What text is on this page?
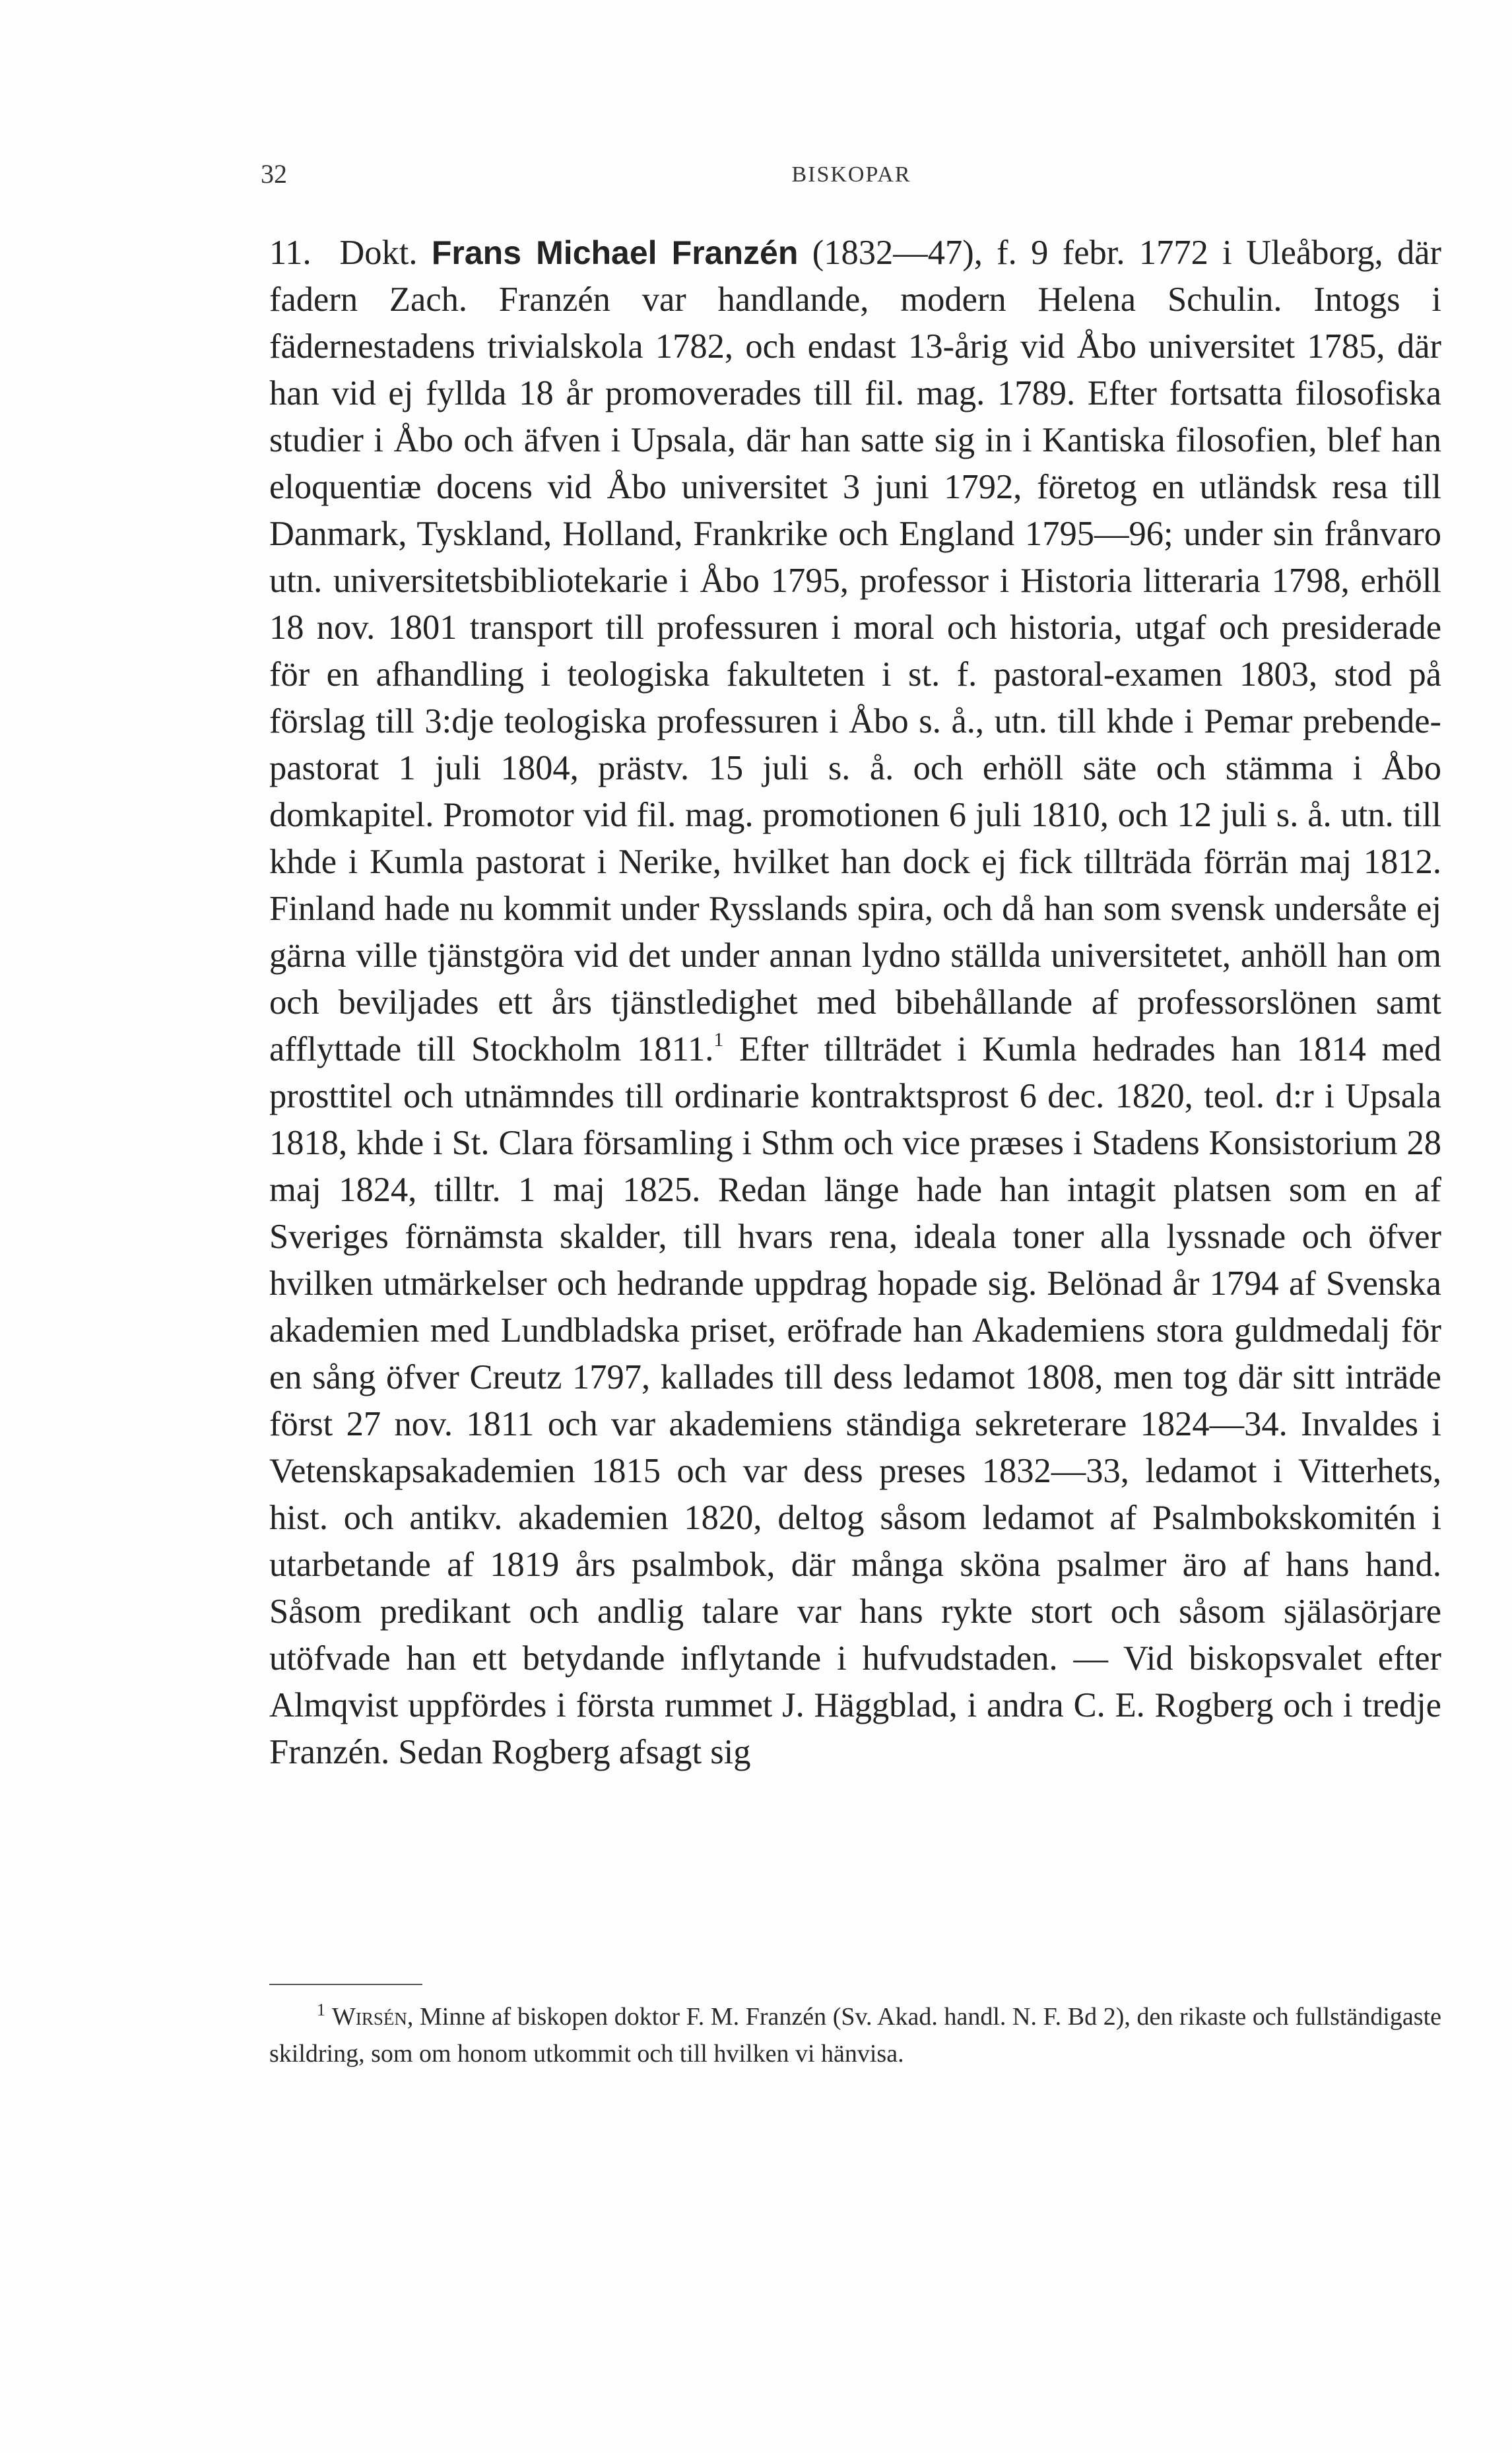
32	BISKOPAR

11. Dokt. Frans Michael Franzén (1832—47), f. 9 febr. 1772 i Uleåborg, där fadern Zach. Franzén var handlande, modern Helena Schulin. Intogs i fädernestadens trivialskola 1782, och endast 13-årig vid Åbo universitet 1785, där han vid ej fyllda 18 år promoverades till fil. mag. 1789. Efter fortsatta filosofiska studier i Åbo och äfven i Upsala, där han satte sig in i Kantiska filosofien, blef han eloquentiæ docens vid Åbo universitet 3 juni 1792, företog en utländsk resa till Danmark, Tyskland, Holland, Frankrike och England 1795—96; under sin frånvaro utn. universitetsbibliotekarie i Åbo 1795, professor i Historia litteraria 1798, erhöll 18 nov. 1801 transport till professuren i moral och historia, utgaf och presiderade för en afhandling i teologiska fakulteten i st. f. pastoral-examen 1803, stod på förslag till 3:dje teologiska professuren i Åbo s. å., utn. till khde i Pemar prebende-pastorat 1 juli 1804, prästv. 15 juli s. å. och erhöll säte och stämma i Åbo domkapitel. Promotor vid fil. mag. promotionen 6 juli 1810, och 12 juli s. å. utn. till khde i Kumla pastorat i Nerike, hvilket han dock ej fick tillträda förrän maj 1812. Finland hade nu kommit under Rysslands spira, och då han som svensk undersåte ej gärna ville tjänstgöra vid det under annan lydno ställda universitetet, anhöll han om och beviljades ett års tjänstledighet med bibehållande af professorslönen samt afflyttade till Stockholm 1811.$^1$ Efter tillträdet i Kumla hedrades han 1814 med prosttitel och utnämndes till ordinarie kontraktsprost 6 dec. 1820, teol. d:r i Upsala 1818, khde i St. Clara församling i Sthm och vice præses i Stadens Konsistorium 28 maj 1824, tilltr. 1 maj 1825. Redan länge hade han intagit platsen som en af Sveriges förnämsta skalder, till hvars rena, ideala toner alla lyssnade och öfver hvilken utmärkelser och hedrande uppdrag hopade sig. Belönad år 1794 af Svenska akademien med Lundbladska priset, eröfrade han Akademiens stora guldmedalj för en sång öfver Creutz 1797, kallades till dess ledamot 1808, men tog där sitt inträde först 27 nov. 1811 och var akademiens ständiga sekreterare 1824—34. Invaldes i Vetenskapsakademien 1815 och var dess preses 1832—33, ledamot i Vitterhets, hist. och antikv. akademien 1820, deltog såsom ledamot af Psalmbokskomitén i utarbetande af 1819 års psalmbok, där många sköna psalmer äro af hans hand. Såsom predikant och andlig talare var hans rykte stort och såsom själasörjare utöfvade han ett betydande inflytande i hufvudstaden. — Vid biskopsvalet efter Almqvist uppfördes i första rummet J. Häggblad, i andra C. E. Rogberg och i tredje Franzén. Sedan Rogberg afsagt sig

$^1$ Wirsén, Minne af biskopen doktor F. M. Franzén (Sv. Akad. handl. N. F. Bd 2), den rikaste och fullständigaste skildring, som om honom utkommit och till hvilken vi hänvisa.
